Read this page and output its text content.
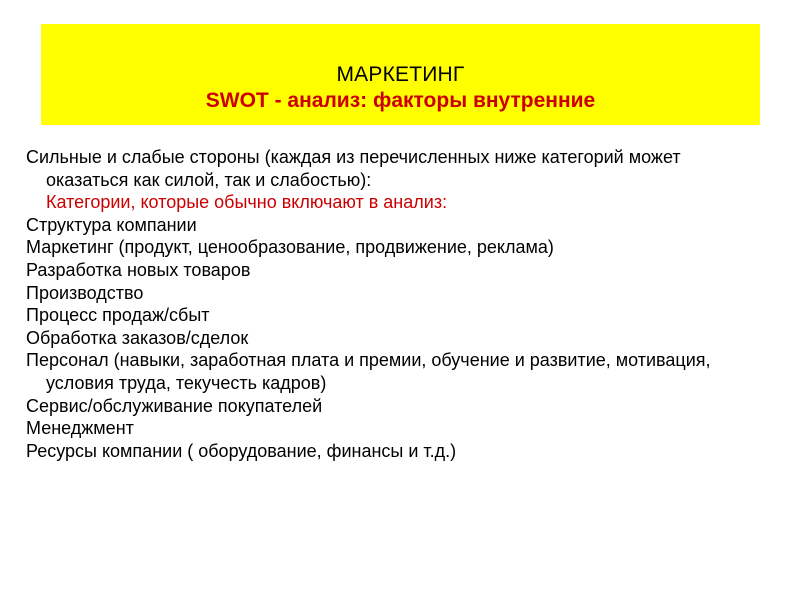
МАРКЕТИНГ
SWOT - анализ: факторы внутренние

Сильные и слабые стороны (каждая из перечисленных ниже категорий может оказаться как силой, так и слабостью):

Категории, которые обычно включают в анализ:

Структура компании

Маркетинг (продукт, ценообразование, продвижение, реклама)

Разработка новых товаров

Производство

Процесс продаж/сбыт

Обработка заказов/сделок

Персонал (навыки, заработная плата и премии, обучение и развитие, мотивация, условия труда, текучесть кадров)

Сервис/обслуживание покупателей

Менеджмент

Ресурсы компании ( оборудование, финансы и т.д.)
